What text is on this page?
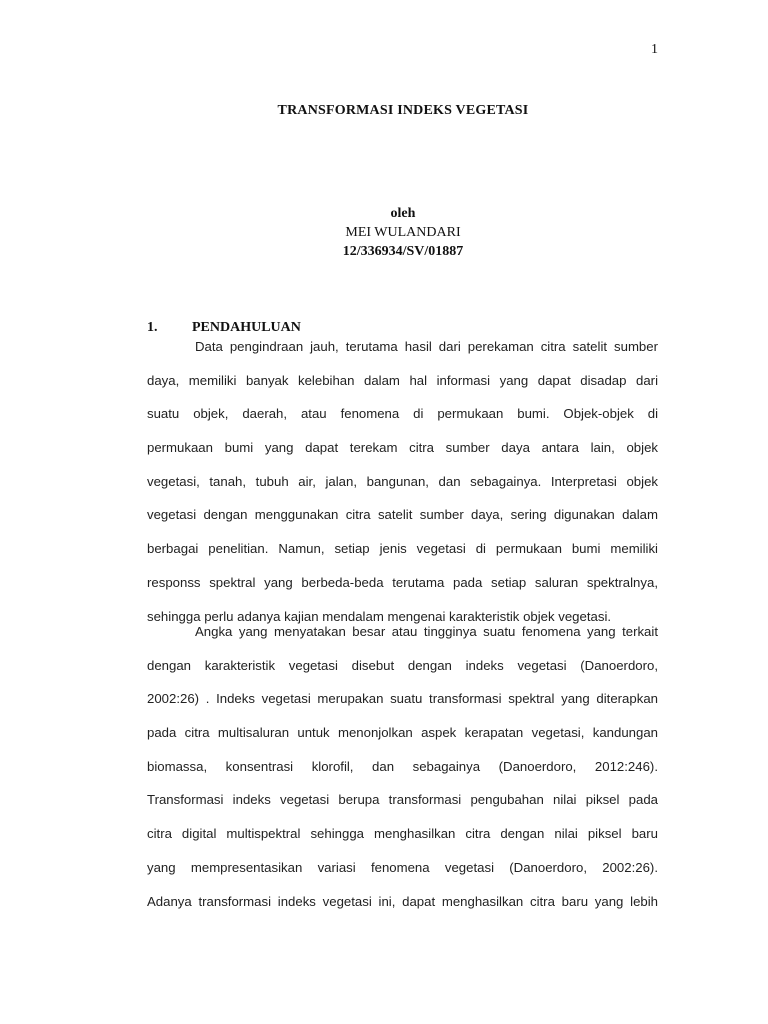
1
TRANSFORMASI INDEKS VEGETASI
oleh
MEI WULANDARI
12/336934/SV/01887
1. PENDAHULUAN
Data pengindraan jauh, terutama hasil dari perekaman citra satelit sumber
daya, memiliki banyak kelebihan dalam hal informasi yang dapat disadap dari
suatu objek, daerah, atau fenomena di permukaan bumi. Objek-objek di
permukaan bumi yang dapat terekam citra sumber daya antara lain, objek
vegetasi, tanah, tubuh air, jalan, bangunan, dan sebagainya. Interpretasi objek
vegetasi dengan menggunakan citra satelit sumber daya, sering digunakan dalam
berbagai penelitian. Namun, setiap jenis vegetasi di permukaan bumi memiliki
responss spektral yang berbeda-beda terutama pada setiap saluran spektralnya,
sehingga perlu adanya kajian mendalam mengenai karakteristik objek vegetasi.
Angka yang menyatakan besar atau tingginya suatu fenomena yang terkait
dengan karakteristik vegetasi disebut dengan indeks vegetasi (Danoerdoro,
2002:26) . Indeks vegetasi merupakan suatu transformasi spektral yang diterapkan
pada citra multisaluran untuk menonjolkan aspek kerapatan vegetasi, kandungan
biomassa, konsentrasi klorofil, dan sebagainya (Danoerdoro, 2012:246).
Transformasi indeks vegetasi berupa transformasi pengubahan nilai piksel pada
citra digital multispektral sehingga menghasilkan citra dengan nilai piksel baru
yang mempresentasikan variasi fenomena vegetasi (Danoerdoro, 2002:26).
Adanya transformasi indeks vegetasi ini, dapat menghasilkan citra baru yang lebih
